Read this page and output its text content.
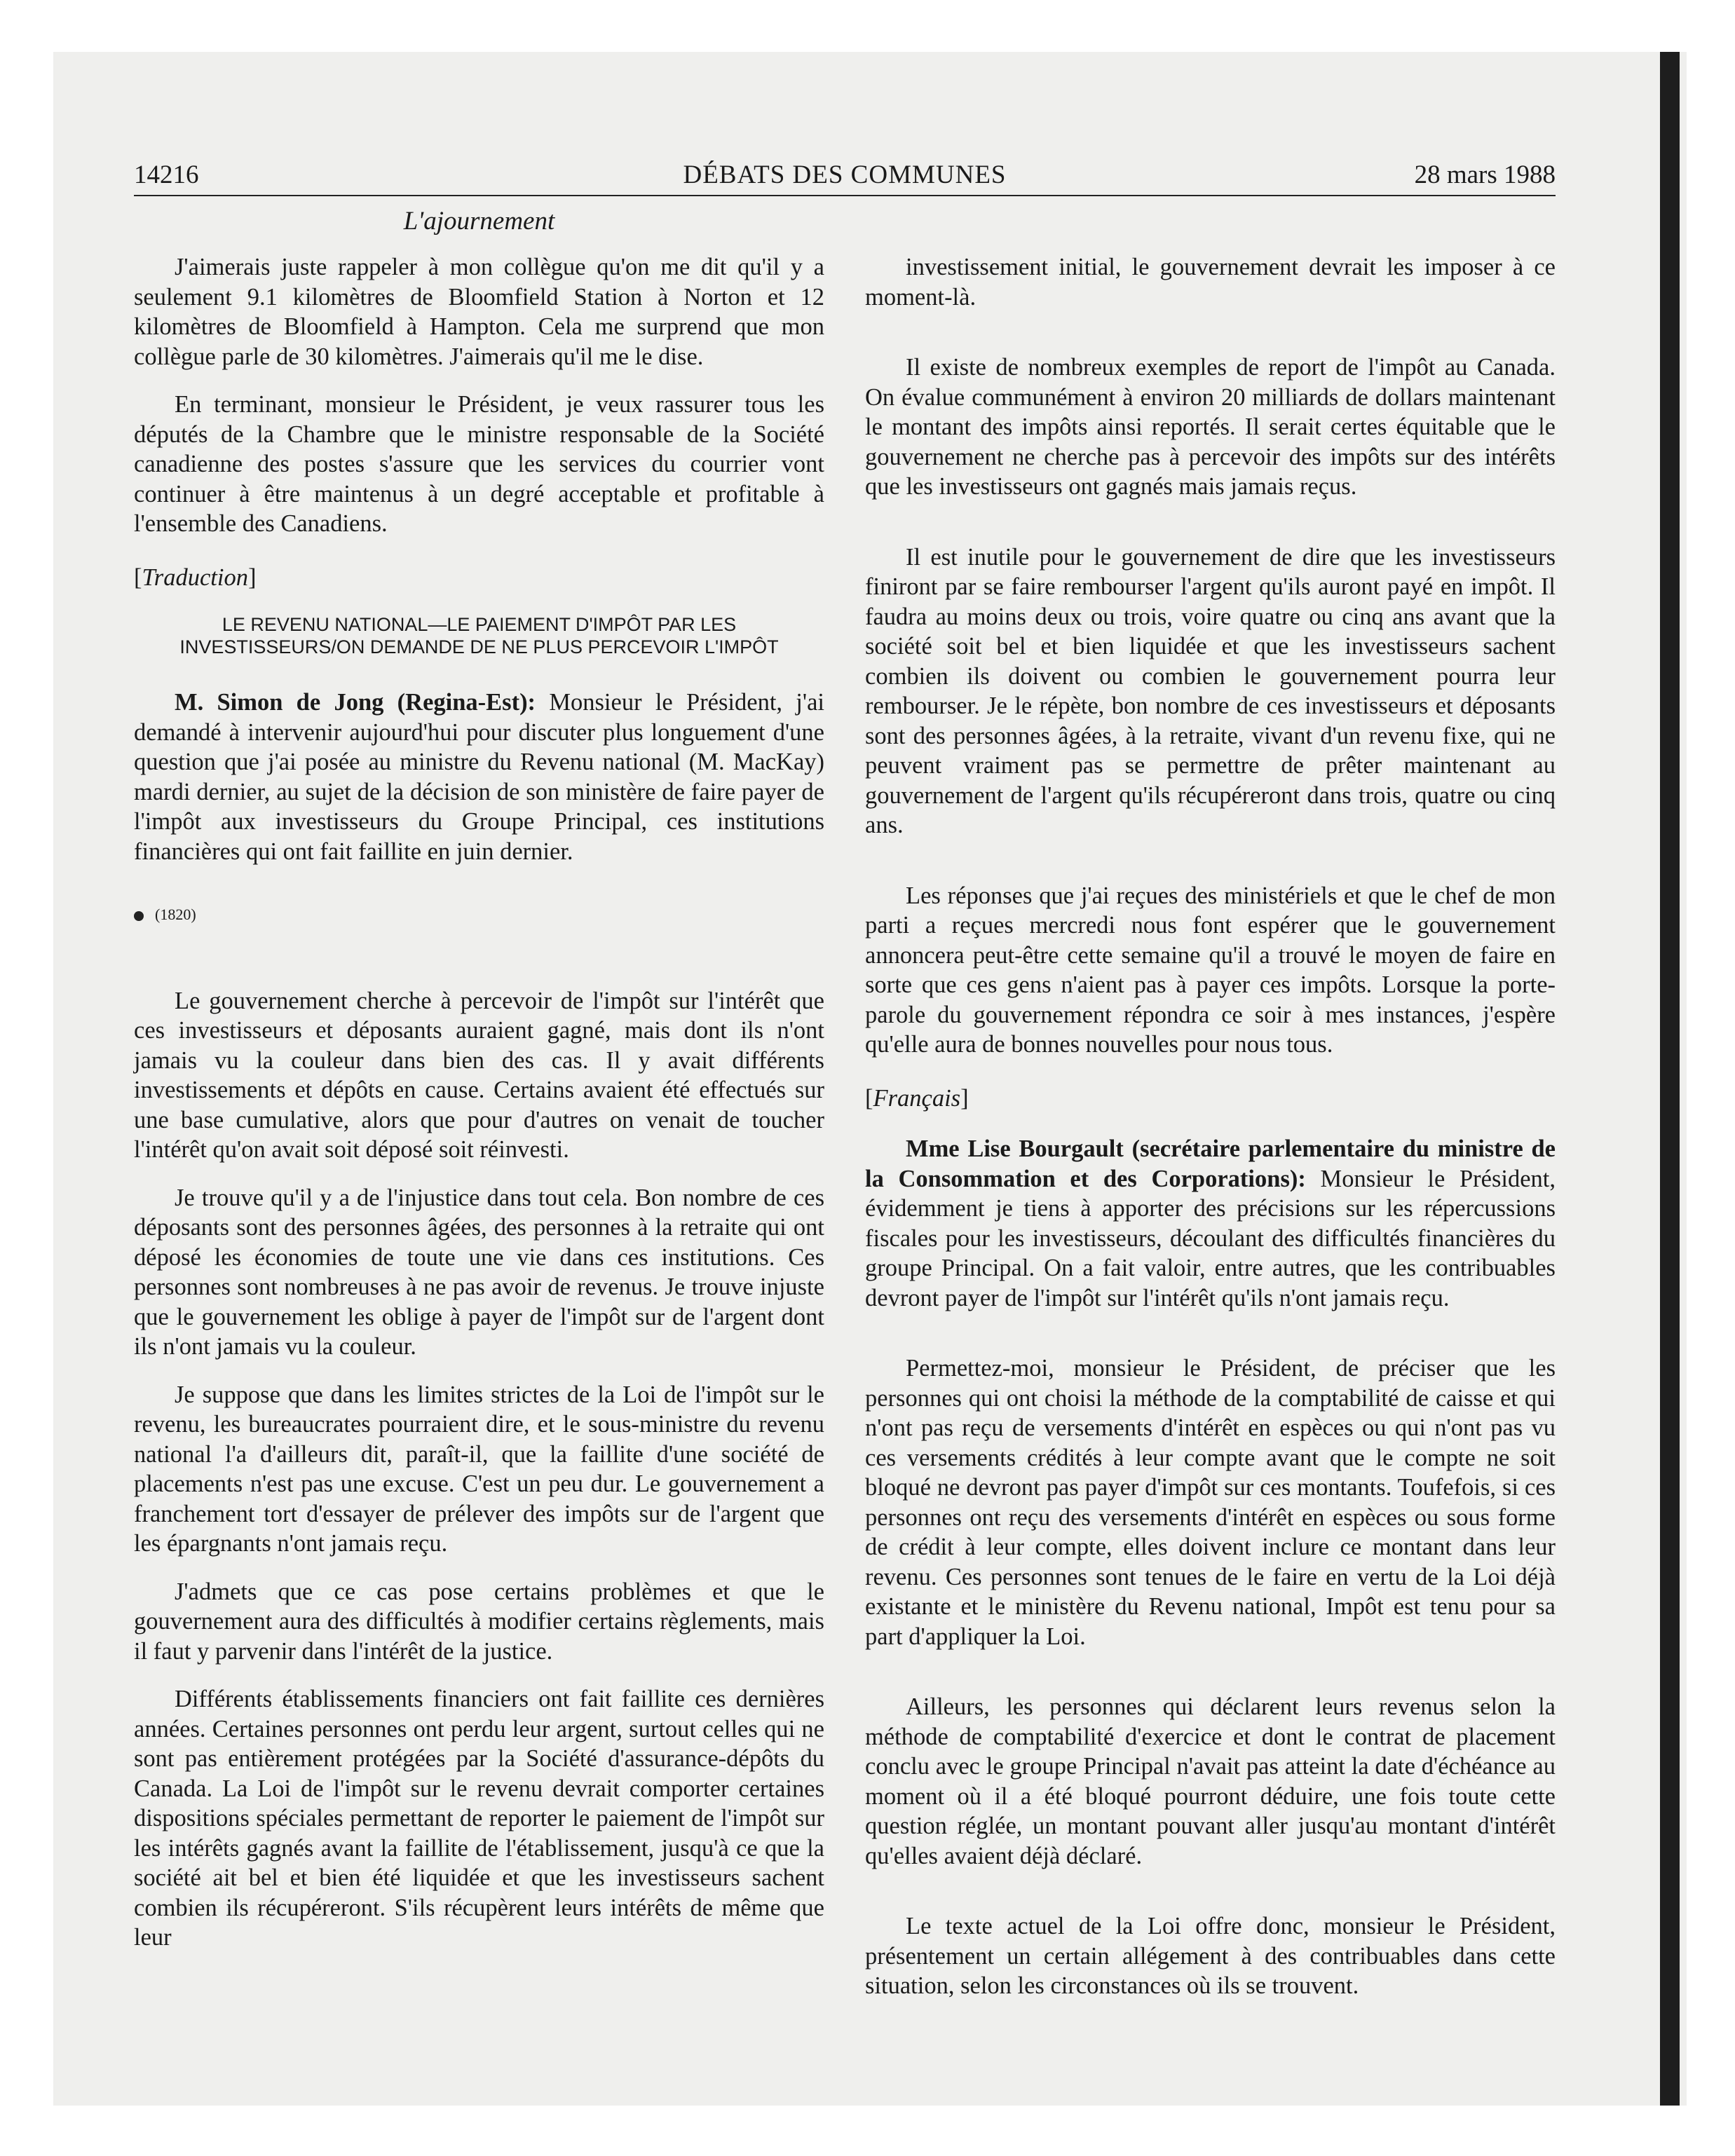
14216	DÉBATS DES COMMUNES	28 mars 1988
L'ajournement

J'aimerais juste rappeler à mon collègue qu'on me dit qu'il y a seulement 9.1 kilomètres de Bloomfield Station à Norton et 12 kilomètres de Bloomfield à Hampton. Cela me surprend que mon collègue parle de 30 kilomètres. J'aimerais qu'il me le dise.

En terminant, monsieur le Président, je veux rassurer tous les députés de la Chambre que le ministre responsable de la Société canadienne des postes s'assure que les services du courrier vont continuer à être maintenus à un degré acceptable et profitable à l'ensemble des Canadiens.

[Traduction]

LE REVENU NATIONAL—LE PAIEMENT D'IMPÔT PAR LES INVESTISSEURS/ON DEMANDE DE NE PLUS PERCEVOIR L'IMPÔT

M. Simon de Jong (Regina-Est): Monsieur le Président, j'ai demandé à intervenir aujourd'hui pour discuter plus longuement d'une question que j'ai posée au ministre du Revenu national (M. MacKay) mardi dernier, au sujet de la décision de son ministère de faire payer de l'impôt aux investisseurs du Groupe Principal, ces institutions financières qui ont fait faillite en juin dernier.

(1820)

Le gouvernement cherche à percevoir de l'impôt sur l'intérêt que ces investisseurs et déposants auraient gagné, mais dont ils n'ont jamais vu la couleur dans bien des cas. Il y avait différents investissements et dépôts en cause. Certains avaient été effectués sur une base cumulative, alors que pour d'autres on venait de toucher l'intérêt qu'on avait soit déposé soit réinvesti.

Je trouve qu'il y a de l'injustice dans tout cela. Bon nombre de ces déposants sont des personnes âgées, des personnes à la retraite qui ont déposé les économies de toute une vie dans ces institutions. Ces personnes sont nombreuses à ne pas avoir de revenus. Je trouve injuste que le gouvernement les oblige à payer de l'impôt sur de l'argent dont ils n'ont jamais vu la couleur.

Je suppose que dans les limites strictes de la Loi de l'impôt sur le revenu, les bureaucrates pourraient dire, et le sous-ministre du revenu national l'a d'ailleurs dit, paraît-il, que la faillite d'une société de placements n'est pas une excuse. C'est un peu dur. Le gouvernement a franchement tort d'essayer de prélever des impôts sur de l'argent que les épargnants n'ont jamais reçu.

J'admets que ce cas pose certains problèmes et que le gouvernement aura des difficultés à modifier certains règlements, mais il faut y parvenir dans l'intérêt de la justice.

Différents établissements financiers ont fait faillite ces dernières années. Certaines personnes ont perdu leur argent, surtout celles qui ne sont pas entièrement protégées par la Société d'assurance-dépôts du Canada. La Loi de l'impôt sur le revenu devrait comporter certaines dispositions spéciales permettant de reporter le paiement de l'impôt sur les intérêts gagnés avant la faillite de l'établissement, jusqu'à ce que la société ait bel et bien été liquidée et que les investisseurs sachent combien ils récupéreront. S'ils récupèrent leurs intérêts de même que leur

investissement initial, le gouvernement devrait les imposer à ce moment-là.

Il existe de nombreux exemples de report de l'impôt au Canada. On évalue communément à environ 20 milliards de dollars maintenant le montant des impôts ainsi reportés. Il serait certes équitable que le gouvernement ne cherche pas à percevoir des impôts sur des intérêts que les investisseurs ont gagnés mais jamais reçus.

Il est inutile pour le gouvernement de dire que les investisseurs finiront par se faire rembourser l'argent qu'ils auront payé en impôt. Il faudra au moins deux ou trois, voire quatre ou cinq ans avant que la société soit bel et bien liquidée et que les investisseurs sachent combien ils doivent ou combien le gouvernement pourra leur rembourser. Je le répète, bon nombre de ces investisseurs et déposants sont des personnes âgées, à la retraite, vivant d'un revenu fixe, qui ne peuvent vraiment pas se permettre de prêter maintenant au gouvernement de l'argent qu'ils récupéreront dans trois, quatre ou cinq ans.

Les réponses que j'ai reçues des ministériels et que le chef de mon parti a reçues mercredi nous font espérer que le gouvernement annoncera peut-être cette semaine qu'il a trouvé le moyen de faire en sorte que ces gens n'aient pas à payer ces impôts. Lorsque la porte-parole du gouvernement répondra ce soir à mes instances, j'espère qu'elle aura de bonnes nouvelles pour nous tous.

[Français]

Mme Lise Bourgault (secrétaire parlementaire du ministre de la Consommation et des Corporations): Monsieur le Président, évidemment je tiens à apporter des précisions sur les répercussions fiscales pour les investisseurs, découlant des difficultés financières du groupe Principal. On a fait valoir, entre autres, que les contribuables devront payer de l'impôt sur l'intérêt qu'ils n'ont jamais reçu.

Permettez-moi, monsieur le Président, de préciser que les personnes qui ont choisi la méthode de la comptabilité de caisse et qui n'ont pas reçu de versements d'intérêt en espèces ou qui n'ont pas vu ces versements crédités à leur compte avant que le compte ne soit bloqué ne devront pas payer d'impôt sur ces montants. Toufefois, si ces personnes ont reçu des versements d'intérêt en espèces ou sous forme de crédit à leur compte, elles doivent inclure ce montant dans leur revenu. Ces personnes sont tenues de le faire en vertu de la Loi déjà existante et le ministère du Revenu national, Impôt est tenu pour sa part d'appliquer la Loi.

Ailleurs, les personnes qui déclarent leurs revenus selon la méthode de comptabilité d'exercice et dont le contrat de placement conclu avec le groupe Principal n'avait pas atteint la date d'échéance au moment où il a été bloqué pourront déduire, une fois toute cette question réglée, un montant pouvant aller jusqu'au montant d'intérêt qu'elles avaient déjà déclaré.

Le texte actuel de la Loi offre donc, monsieur le Président, présentement un certain allégement à des contribuables dans cette situation, selon les circonstances où ils se trouvent.
